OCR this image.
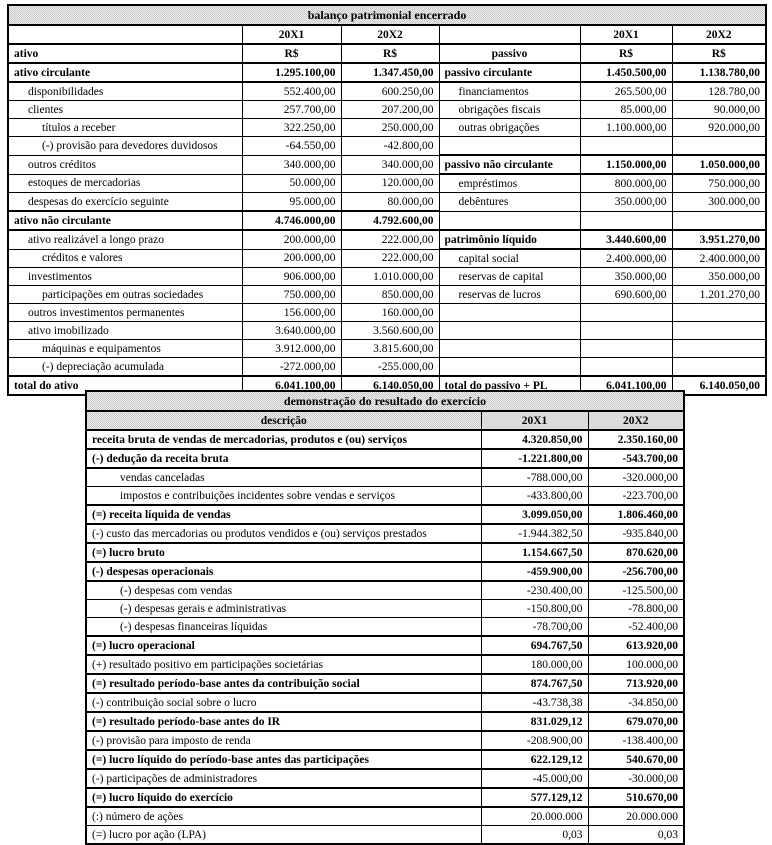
balanço patrimonial encerrado					
	20X1	20X2		20X1	20X2
ativo	R$	R$	passivo	R$	R$
ativo circulante	1.295.100,00	1.347.450,00	passivo circulante	1.450.500,00	1.138.780,00
disponibilidades	552.400,00	600.250,00	financiamentos	265.500,00	128.780,00
clientes	257.700,00	207.200,00	obrigações fiscais	85.000,00	90.000,00
títulos a receber	322.250,00	250.000,00	outras obrigações	1.100.000,00	920.000,00
(-) provisão para devedores duvidosos	-64.550,00	-42.800,00			
outros créditos	340.000,00	340.000,00	passivo não circulante	1.150.000,00	1.050.000,00
estoques de mercadorias	50.000,00	120.000,00	empréstimos	800.000,00	750.000,00
despesas do exercício seguinte	95.000,00	80.000,00	debêntures	350.000,00	300.000,00
ativo não circulante	4.746.000,00	4.792.600,00			
ativo realizável a longo prazo	200.000,00	222.000,00	patrimônio líquido	3.440.600,00	3.951.270,00
créditos e valores	200.000,00	222.000,00	capital social	2.400.000,00	2.400.000,00
investimentos	906.000,00	1.010.000,00	reservas de capital	350.000,00	350.000,00
participações em outras sociedades	750.000,00	850.000,00	reservas de lucros	690.600,00	1.201.270,00
outros investimentos permanentes	156.000,00	160.000,00			
ativo imobilizado	3.640.000,00	3.560.600,00			
máquinas e equipamentos	3.912.000,00	3.815.600,00			
(-) depreciação acumulada	-272.000,00	-255.000,00			
total do ativo	6.041.100,00	6.140.050,00	total do passivo + PL	6.041.100,00	6.140.050,00
demonstração do resultado do exercício		
descrição	20X1	20X2
receita bruta de vendas de mercadorias, produtos e (ou) serviços	4.320.850,00	2.350.160,00
(-) dedução da receita bruta	-1.221.800,00	-543.700,00
vendas canceladas	-788.000,00	-320.000,00
impostos e contribuições incidentes sobre vendas e serviços	-433.800,00	-223.700,00
(=) receita líquida de vendas	3.099.050,00	1.806.460,00
(-) custo das mercadorias ou produtos vendidos e (ou) serviços prestados	-1.944.382,50	-935.840,00
(=) lucro bruto	1.154.667,50	870.620,00
(-) despesas operacionais	-459.900,00	-256.700,00
(-) despesas com vendas	-230.400,00	-125.500,00
(-) despesas gerais e administrativas	-150.800,00	-78.800,00
(-) despesas financeiras líquidas	-78.700,00	-52.400,00
(=) lucro operacional	694.767,50	613.920,00
(+) resultado positivo em participações societárias	180.000,00	100.000,00
(=) resultado período-base antes da contribuição social	874.767,50	713.920,00
(-) contribuição social sobre o lucro	-43.738,38	-34.850,00
(=) resultado período-base antes do IR	831.029,12	679.070,00
(-) provisão para imposto de renda	-208.900,00	-138.400,00
(=) lucro líquido do período-base antes das participações	622.129,12	540.670,00
(-) participações de administradores	-45.000,00	-30.000,00
(=) lucro líquido do exercício	577.129,12	510.670,00
(:) número de ações	20.000.000	20.000.000
(=) lucro por ação (LPA)	0,03	0,03
